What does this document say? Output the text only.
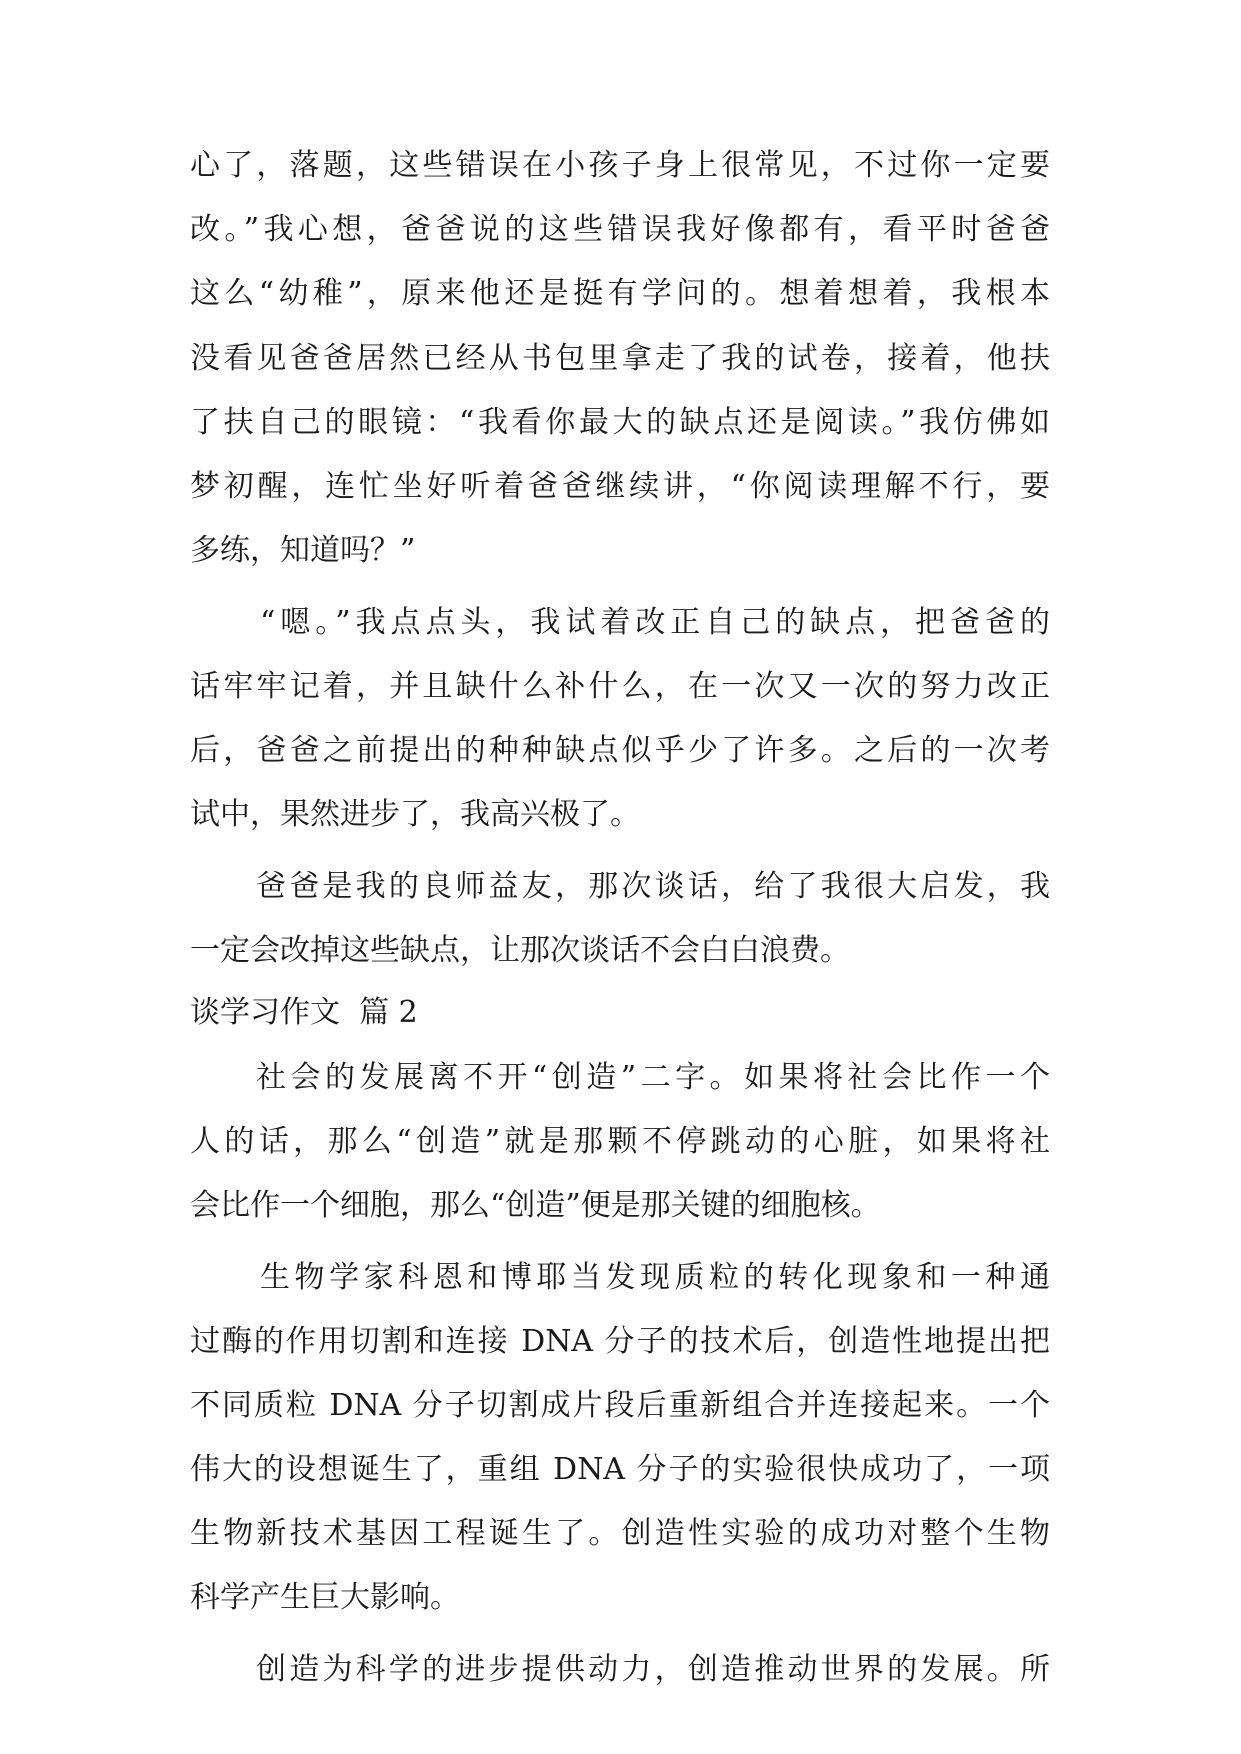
心了，落题，这些错误在小孩子身上很常见，不过你一定要
改。”我心想，爸爸说的这些错误我好像都有，看平时爸爸
这么“幼稚”，原来他还是挺有学问的。想着想着，我根本
没看见爸爸居然已经从书包里拿走了我的试卷，接着，他扶
了扶自己的眼镜：“我看你最大的缺点还是阅读。”我仿佛如
梦初醒，连忙坐好听着爸爸继续讲，“你阅读理解不行，要
多练，知道吗？”
“嗯。”我点点头，我试着改正自己的缺点，把爸爸的
话牢牢记着，并且缺什么补什么，在一次又一次的努力改正
后，爸爸之前提出的种种缺点似乎少了许多。之后的一次考
试中，果然进步了，我高兴极了。
爸爸是我的良师益友，那次谈话，给了我很大启发，我
一定会改掉这些缺点，让那次谈话不会白白浪费。
谈学习作文  篇 2
社会的发展离不开“创造”二字。如果将社会比作一个
人的话，那么“创造”就是那颗不停跳动的心脏，如果将社
会比作一个细胞，那么“创造”便是那关键的细胞核。
生物学家科恩和博耶当发现质粒的转化现象和一种通
过酶的作用切割和连接 DNA 分子的技术后，创造性地提出把
不同质粒 DNA 分子切割成片段后重新组合并连接起来。一个
伟大的设想诞生了，重组 DNA 分子的实验很快成功了，一项
生物新技术基因工程诞生了。创造性实验的成功对整个生物
科学产生巨大影响。
创造为科学的进步提供动力，创造推动世界的发展。所
